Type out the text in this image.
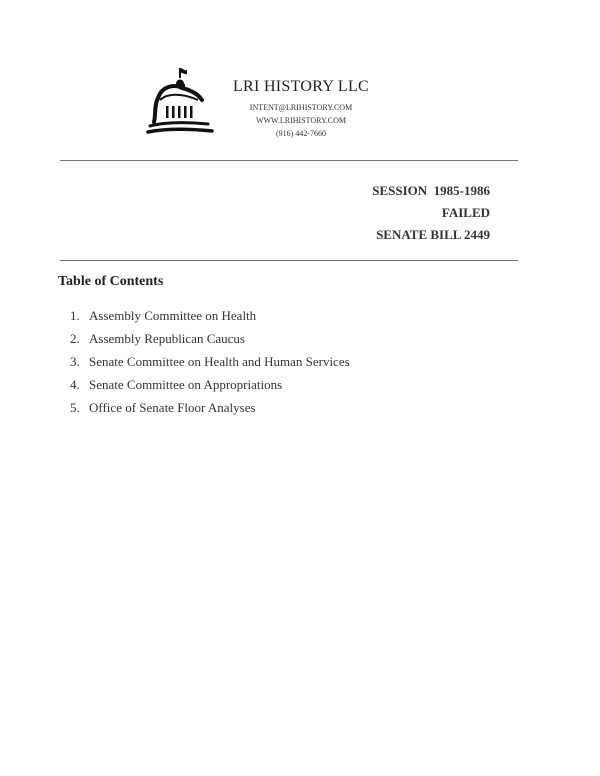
LRI HISTORY LLC
INTENT@LRIHISTORY.COM
WWW.LRIHISTORY.COM
(916) 442-7660
SESSION 1985-1986
FAILED
SENATE BILL 2449
Table of Contents
1. Assembly Committee on Health
2. Assembly Republican Caucus
3. Senate Committee on Health and Human Services
4. Senate Committee on Appropriations
5. Office of Senate Floor Analyses
